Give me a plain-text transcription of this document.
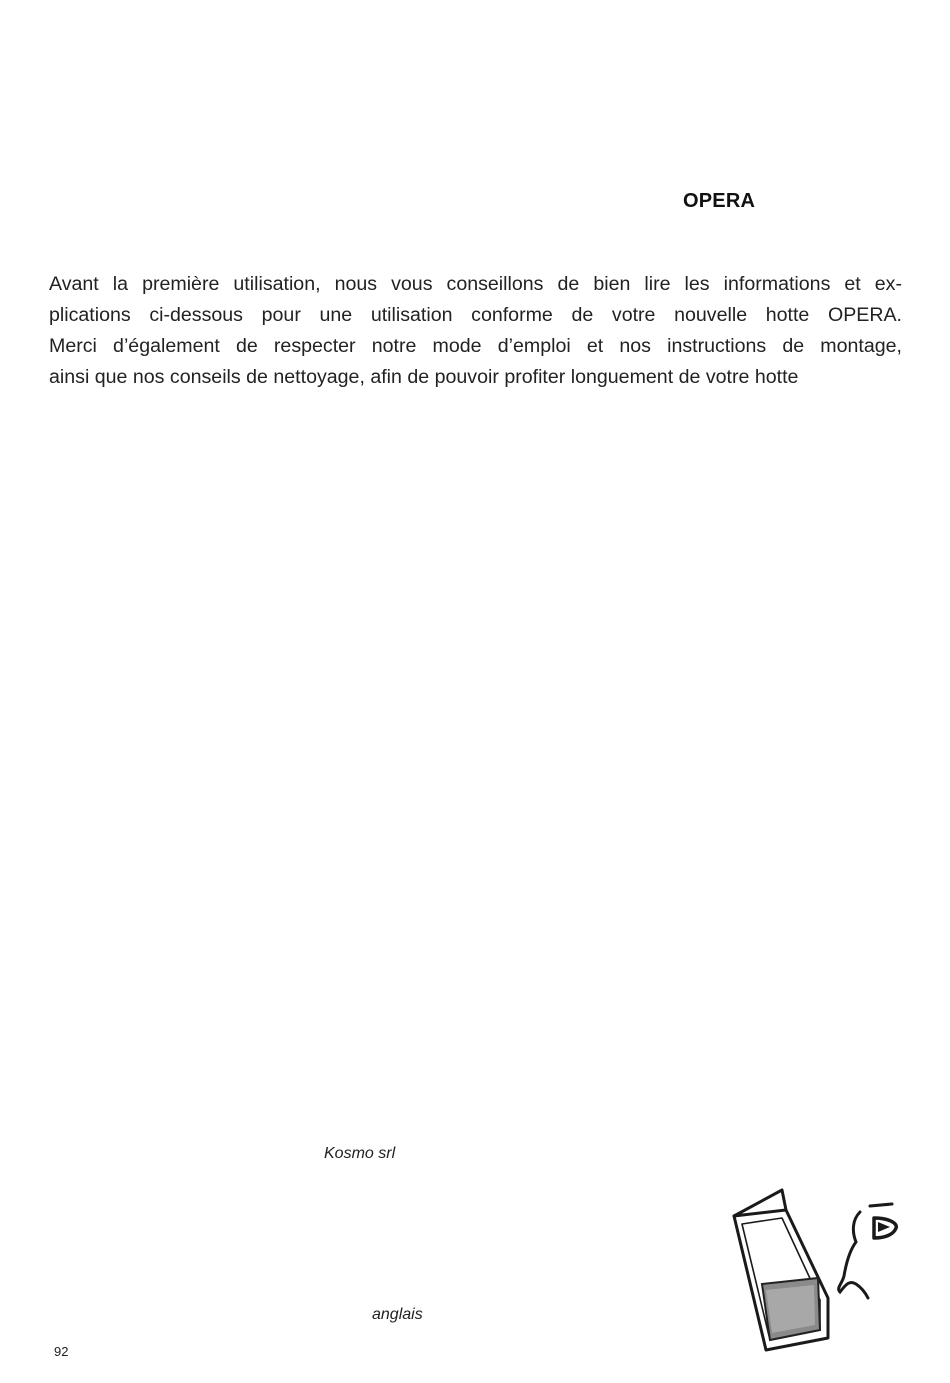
OPERA
Avant la première utilisation, nous vous conseillons de bien lire les informations et ex-
plications ci-dessous pour une utilisation conforme de votre nouvelle hotte OPERA.
Merci d’également de respecter notre mode d’emploi et nos instructions de montage,
ainsi que nos conseils de nettoyage, afin de pouvoir profiter longuement de votre hotte
Kosmo srl
anglais
92
